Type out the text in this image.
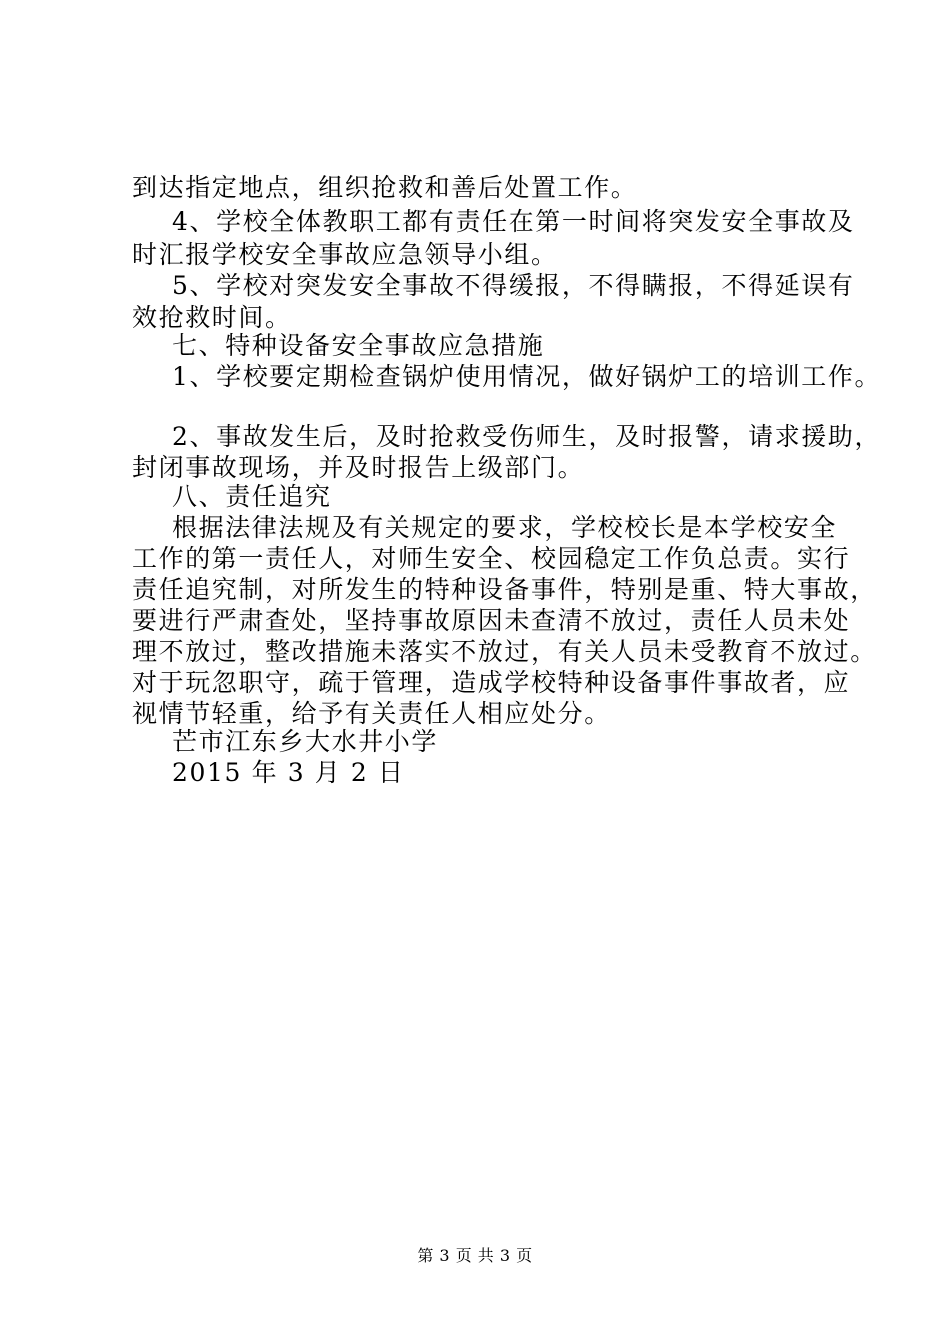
到达指定地点，组织抢救和善后处置工作。
4、学校全体教职工都有责任在第一时间将突发安全事故及
时汇报学校安全事故应急领导小组。
5、学校对突发安全事故不得缓报，不得瞒报，不得延误有
效抢救时间。
七、特种设备安全事故应急措施
1、学校要定期检查锅炉使用情况，做好锅炉工的培训工作。
2、事故发生后，及时抢救受伤师生，及时报警，请求援助，
封闭事故现场，并及时报告上级部门。
八、责任追究
根据法律法规及有关规定的要求，学校校长是本学校安全
工作的第一责任人，对师生安全、校园稳定工作负总责。实行
责任追究制，对所发生的特种设备事件，特别是重、特大事故，
要进行严肃查处，坚持事故原因未查清不放过，责任人员未处
理不放过，整改措施未落实不放过，有关人员未受教育不放过。
对于玩忽职守，疏于管理，造成学校特种设备事件事故者，应
视情节轻重，给予有关责任人相应处分。
芒市江东乡大水井小学
2015 年 3 月 2 日
第 3 页 共 3 页
